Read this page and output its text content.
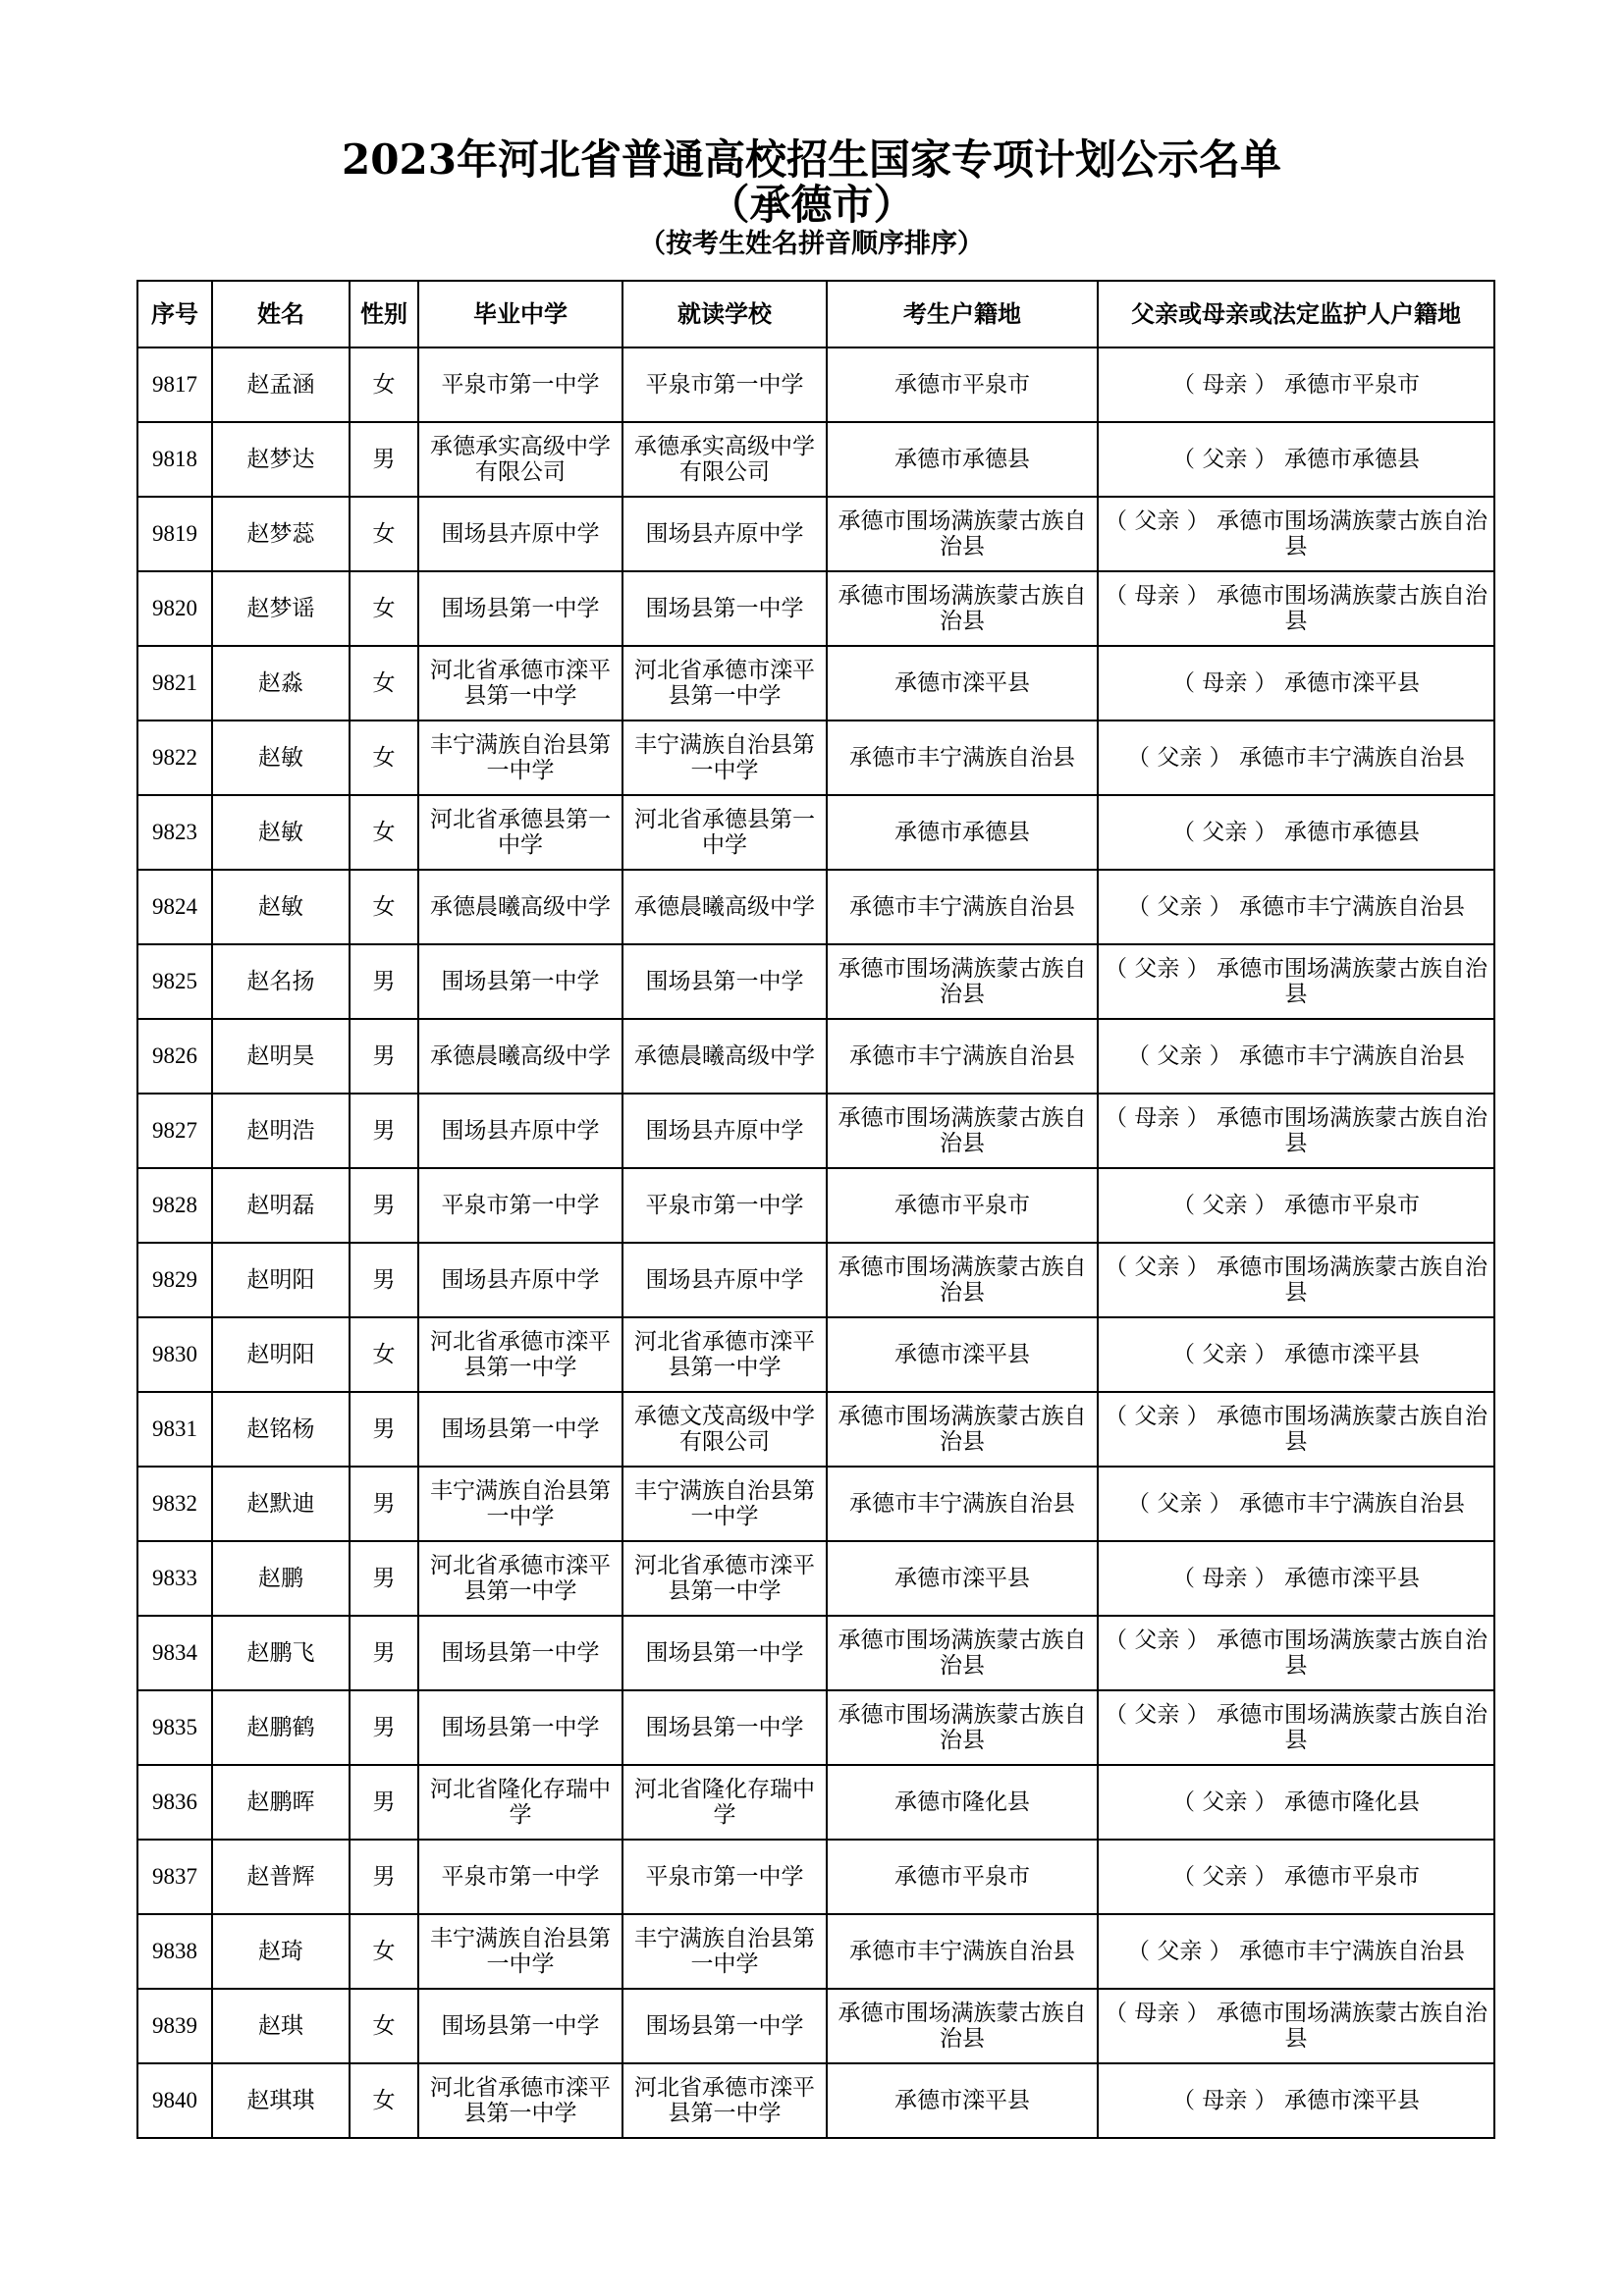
2023年河北省普通高校招生国家专项计划公示名单
（承德市）
（按考生姓名拼音顺序排序）
序号	姓名	性别	毕业中学	就读学校	考生户籍地	父亲或母亲或法定监护人户籍地
9817	赵孟涵	女	平泉市第一中学	平泉市第一中学	承德市平泉市	（ 母亲 ） 承德市平泉市
9818	赵梦达	男	承德承实高级中学有限公司	承德承实高级中学有限公司	承德市承德县	（ 父亲 ） 承德市承德县
9819	赵梦蕊	女	围场县卉原中学	围场县卉原中学	承德市围场满族蒙古族自治县	（ 父亲 ） 承德市围场满族蒙古族自治县
9820	赵梦谣	女	围场县第一中学	围场县第一中学	承德市围场满族蒙古族自治县	（ 母亲 ） 承德市围场满族蒙古族自治县
9821	赵淼	女	河北省承德市滦平县第一中学	河北省承德市滦平县第一中学	承德市滦平县	（ 母亲 ） 承德市滦平县
9822	赵敏	女	丰宁满族自治县第一中学	丰宁满族自治县第一中学	承德市丰宁满族自治县	（ 父亲 ） 承德市丰宁满族自治县
9823	赵敏	女	河北省承德县第一中学	河北省承德县第一中学	承德市承德县	（ 父亲 ） 承德市承德县
9824	赵敏	女	承德晨曦高级中学	承德晨曦高级中学	承德市丰宁满族自治县	（ 父亲 ） 承德市丰宁满族自治县
9825	赵名扬	男	围场县第一中学	围场县第一中学	承德市围场满族蒙古族自治县	（ 父亲 ） 承德市围场满族蒙古族自治县
9826	赵明昊	男	承德晨曦高级中学	承德晨曦高级中学	承德市丰宁满族自治县	（ 父亲 ） 承德市丰宁满族自治县
9827	赵明浩	男	围场县卉原中学	围场县卉原中学	承德市围场满族蒙古族自治县	（ 母亲 ） 承德市围场满族蒙古族自治县
9828	赵明磊	男	平泉市第一中学	平泉市第一中学	承德市平泉市	（ 父亲 ） 承德市平泉市
9829	赵明阳	男	围场县卉原中学	围场县卉原中学	承德市围场满族蒙古族自治县	（ 父亲 ） 承德市围场满族蒙古族自治县
9830	赵明阳	女	河北省承德市滦平县第一中学	河北省承德市滦平县第一中学	承德市滦平县	（ 父亲 ） 承德市滦平县
9831	赵铭杨	男	围场县第一中学	承德文茂高级中学有限公司	承德市围场满族蒙古族自治县	（ 父亲 ） 承德市围场满族蒙古族自治县
9832	赵默迪	男	丰宁满族自治县第一中学	丰宁满族自治县第一中学	承德市丰宁满族自治县	（ 父亲 ） 承德市丰宁满族自治县
9833	赵鹏	男	河北省承德市滦平县第一中学	河北省承德市滦平县第一中学	承德市滦平县	（ 母亲 ） 承德市滦平县
9834	赵鹏飞	男	围场县第一中学	围场县第一中学	承德市围场满族蒙古族自治县	（ 父亲 ） 承德市围场满族蒙古族自治县
9835	赵鹏鹤	男	围场县第一中学	围场县第一中学	承德市围场满族蒙古族自治县	（ 父亲 ） 承德市围场满族蒙古族自治县
9836	赵鹏晖	男	河北省隆化存瑞中学	河北省隆化存瑞中学	承德市隆化县	（ 父亲 ） 承德市隆化县
9837	赵普辉	男	平泉市第一中学	平泉市第一中学	承德市平泉市	（ 父亲 ） 承德市平泉市
9838	赵琦	女	丰宁满族自治县第一中学	丰宁满族自治县第一中学	承德市丰宁满族自治县	（ 父亲 ） 承德市丰宁满族自治县
9839	赵琪	女	围场县第一中学	围场县第一中学	承德市围场满族蒙古族自治县	（ 母亲 ） 承德市围场满族蒙古族自治县
9840	赵琪琪	女	河北省承德市滦平县第一中学	河北省承德市滦平县第一中学	承德市滦平县	（ 母亲 ） 承德市滦平县
